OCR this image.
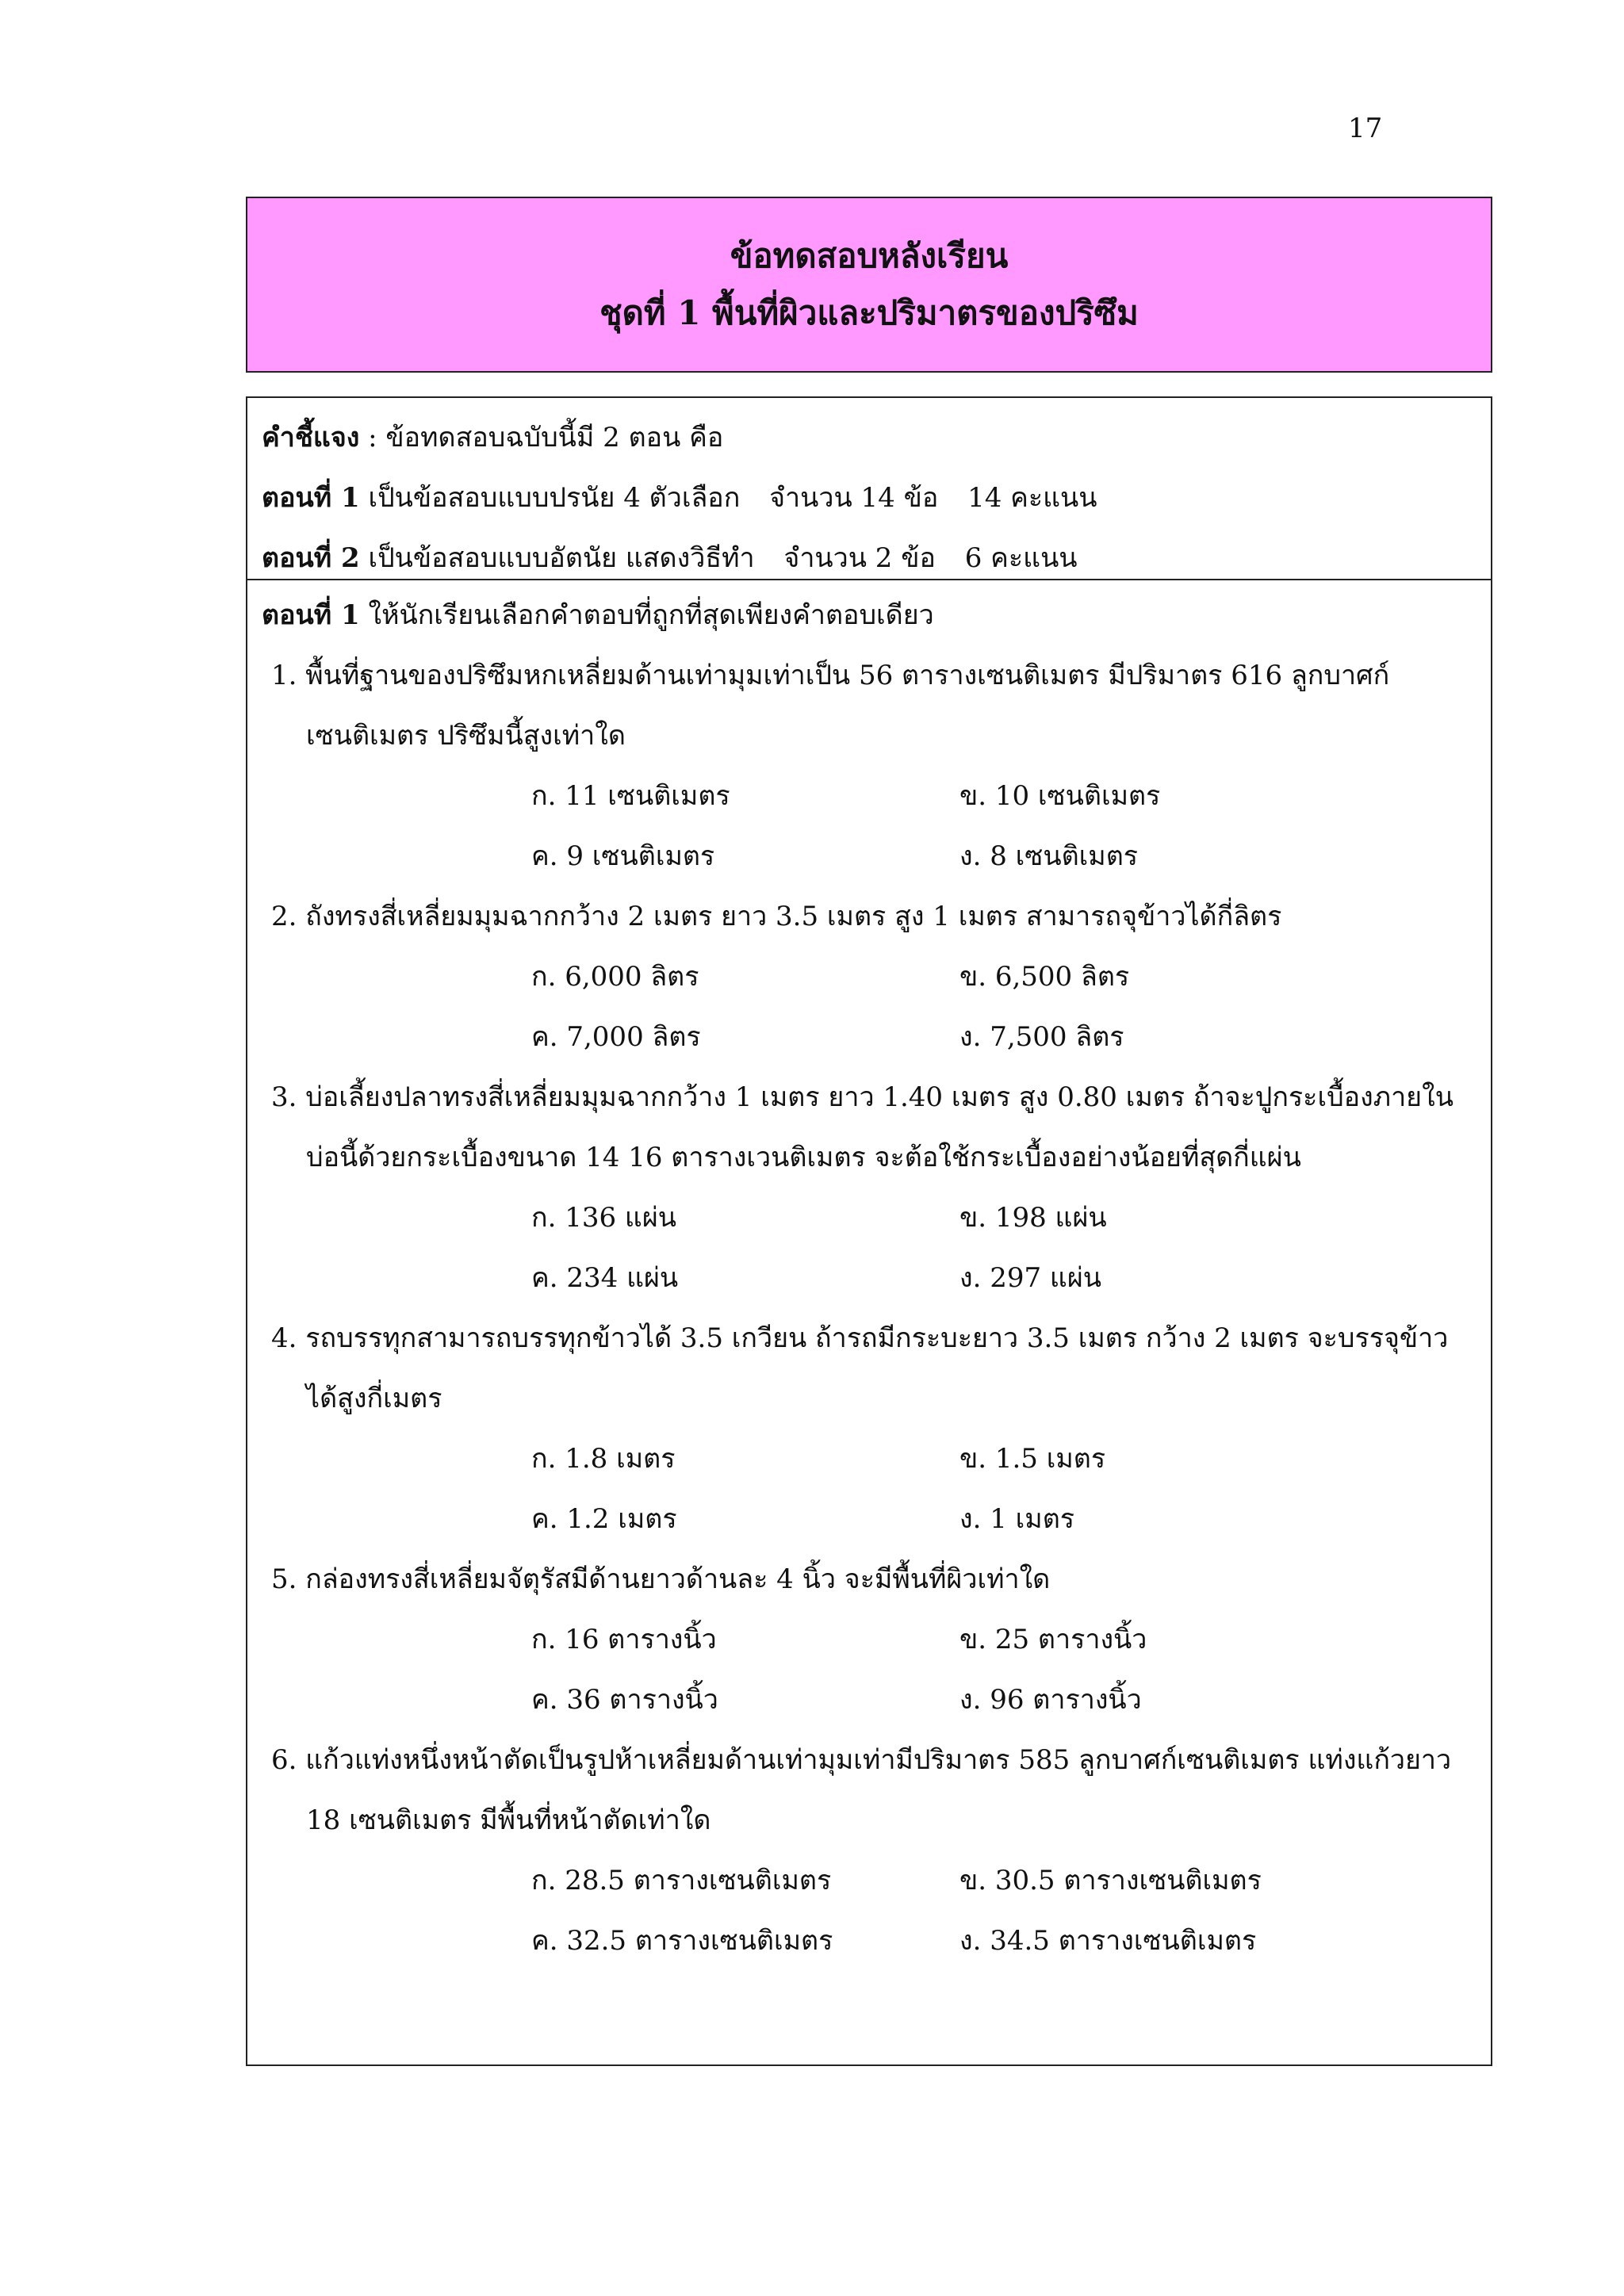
17
ข้อทดสอบหลังเรียน
ชุดที่ 1 พื้นที่ผิวและปริมาตรของปริซึม
คำชี้แจง : ข้อทดสอบฉบับนี้มี 2 ตอน คือ
ตอนที่ 1 เป็นข้อสอบแบบปรนัย 4 ตัวเลือก จำนวน 14 ข้อ 14 คะแนน
ตอนที่ 2 เป็นข้อสอบแบบอัตนัย แสดงวิธีทำ จำนวน 2 ข้อ 6 คะแนน
ตอนที่ 1 ให้นักเรียนเลือกคำตอบที่ถูกที่สุดเพียงคำตอบเดียว
1. พื้นที่ฐานของปริซึมหกเหลี่ยมด้านเท่ามุมเท่าเป็น 56 ตารางเซนติเมตร มีปริมาตร 616 ลูกบาศก์เซนติเมตร ปริซึมนี้สูงเท่าใด
ก. 11 เซนติเมตร	ข. 10 เซนติเมตร
ค. 9 เซนติเมตร	ง. 8 เซนติเมตร
2. ถังทรงสี่เหลี่ยมมุมฉากกว้าง 2 เมตร ยาว 3.5 เมตร สูง 1 เมตร สามารถจุข้าวได้กี่ลิตร
ก. 6,000 ลิตร	ข. 6,500 ลิตร
ค. 7,000 ลิตร	ง. 7,500 ลิตร
3. บ่อเลี้ยงปลาทรงสี่เหลี่ยมมุมฉากกว้าง 1 เมตร ยาว 1.40 เมตร สูง 0.80 เมตร ถ้าจะปูกระเบื้องภายในบ่อนี้ด้วยกระเบื้องขนาด 14 16 ตารางเวนติเมตร จะต้อใช้กระเบื้องอย่างน้อยที่สุดกี่แผ่น
ก. 136 แผ่น	ข. 198 แผ่น
ค. 234 แผ่น	ง. 297 แผ่น
4. รถบรรทุกสามารถบรรทุกข้าวได้ 3.5 เกวียน ถ้ารถมีกระบะยาว 3.5 เมตร กว้าง 2 เมตร จะบรรจุข้าวได้สูงกี่เมตร
ก. 1.8 เมตร	ข. 1.5 เมตร
ค. 1.2 เมตร	ง. 1 เมตร
5. กล่องทรงสี่เหลี่ยมจัตุรัสมีด้านยาวด้านละ 4 นิ้ว จะมีพื้นที่ผิวเท่าใด
ก. 16 ตารางนิ้ว	ข. 25 ตารางนิ้ว
ค. 36 ตารางนิ้ว	ง. 96 ตารางนิ้ว
6. แก้วแท่งหนึ่งหน้าตัดเป็นรูปห้าเหลี่ยมด้านเท่ามุมเท่ามีปริมาตร 585 ลูกบาศก์เซนติเมตร แท่งแก้วยาว 18 เซนติเมตร มีพื้นที่หน้าตัดเท่าใด
ก. 28.5 ตารางเซนติเมตร	ข. 30.5 ตารางเซนติเมตร
ค. 32.5 ตารางเซนติเมตร	ง. 34.5 ตารางเซนติเมตร
